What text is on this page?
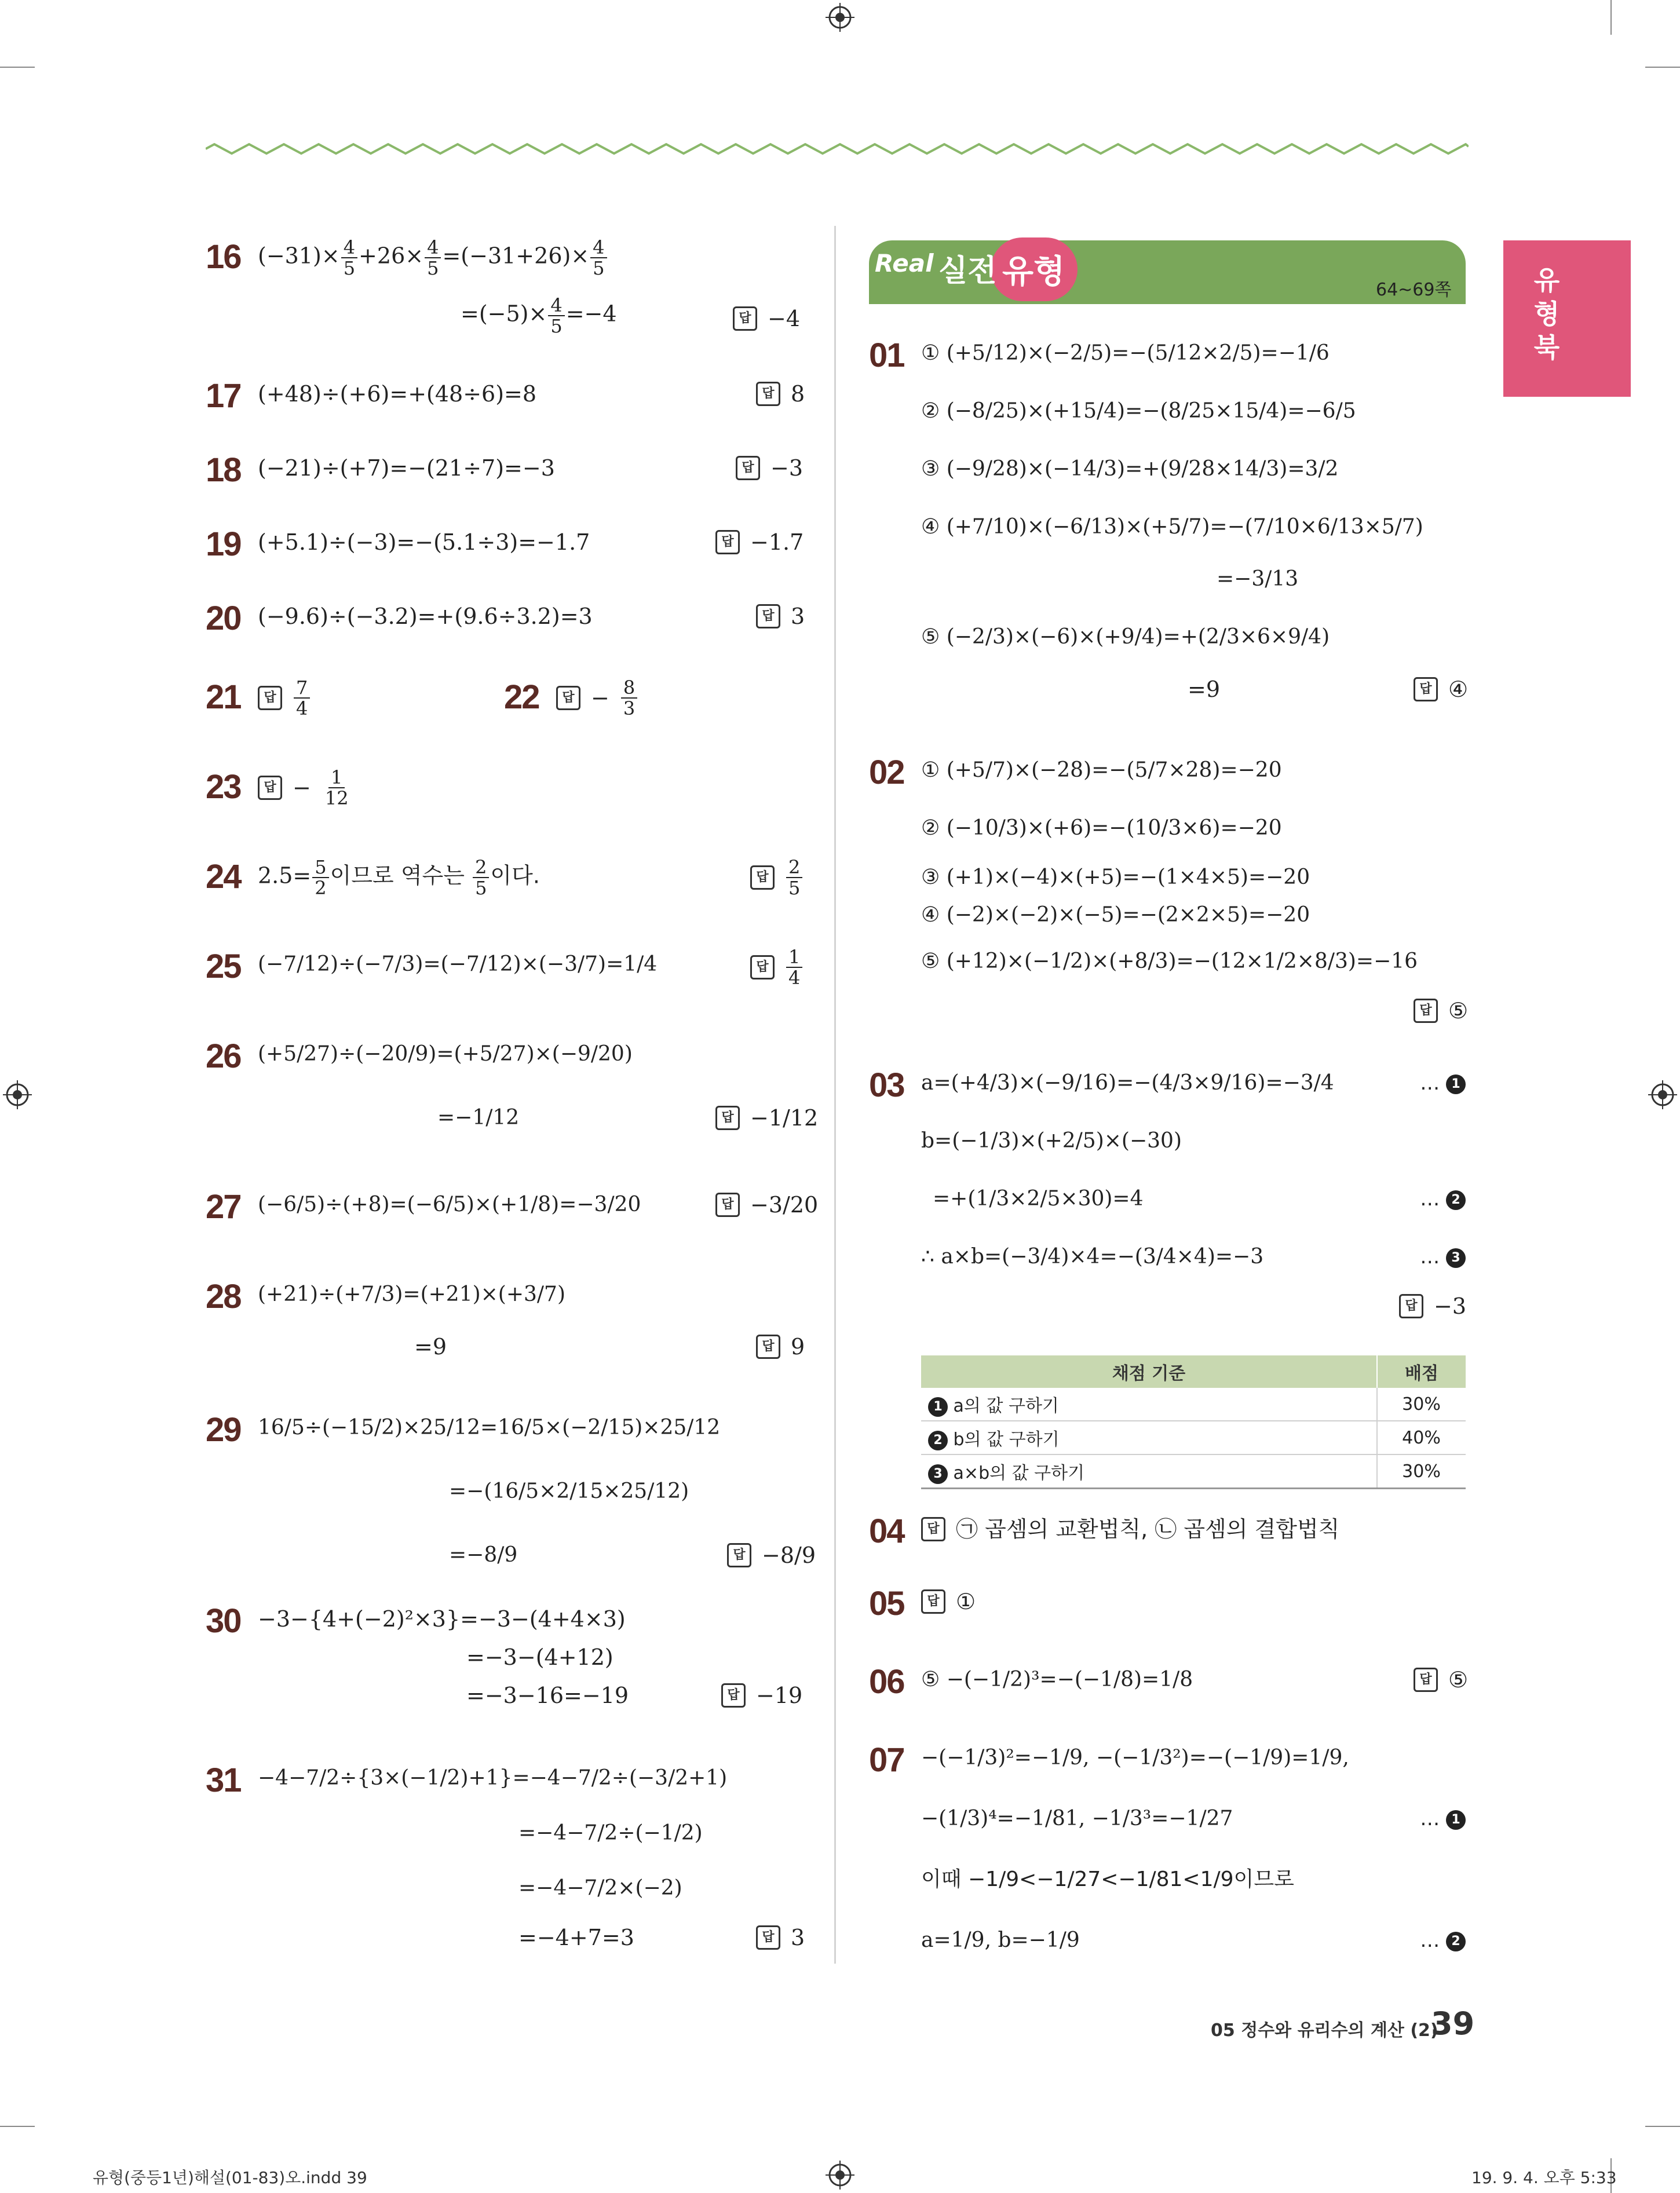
유형북
Real 실전 유형	64~69쪽
16 $(-31)\times \frac{4}{5} +26\times \frac{4}{5} =(-31+26)\times \frac{4}{5}$
$=(-5)\times \frac{4}{5} =-4$	답 −4
17 (+48)÷(+6)=+(48÷6)=8	답 8
18 (−21)÷(+7)=−(21÷7)=−3	답 −3
19 (+5.1)÷(−3)=−(5.1÷3)=−1.7	답 −1.7
20 (−9.6)÷(−3.2)=+(9.6÷3.2)=3	답 3
21	답 $\frac{7}{4}$	22	답 − $\frac{8}{3}$
23	답 − $\frac{1}{12}$
24 $2.5= \frac{5}{2}$ 이므로 역수는 $\frac{2}{5}$ 이다.	답 $\frac{2}{5}$
25 (−7/12)÷(−7/3)=(−7/12)×(−3/7)=1/4	답 $\frac{1}{4}$
26 (+5/27)÷(−20/9)=(+5/27)×(−9/20)
=−1/12	답 −1/12
27 (−6/5)÷(+8)=(−6/5)×(+1/8)=−3/20	답 −3/20
28 (+21)÷(+7/3)=(+21)×(+3/7)
=9	답 9
29 16/5÷(−15/2)×25/12=16/5×(−2/15)×25/12
=−(16/5×2/15×25/12)
=−8/9	답 −8/9
30 −3−{4+(−2)²×3}=−3−(4+4×3)
=−3−(4+12)
=−3−16=−19	답 −19
31 −4−7/2÷{3×(−1/2)+1}=−4−7/2÷(−3/2+1)
=−4−7/2÷(−1/2)
=−4−7/2×(−2)
=−4+7=3	답 3
01 ① (+5/12)×(−2/5)=−(5/12×2/5)=−1/6
② (−8/25)×(+15/4)=−(8/25×15/4)=−6/5
③ (−9/28)×(−14/3)=+(9/28×14/3)=3/2
④ (+7/10)×(−6/13)×(+5/7)=−(7/10×6/13×5/7)
=−3/13
⑤ (−2/3)×(−6)×(+9/4)=+(2/3×6×9/4)
=9	답 ④
02 ① (+5/7)×(−28)=−(5/7×28)=−20
② (−10/3)×(+6)=−(10/3×6)=−20
③ (+1)×(−4)×(+5)=−(1×4×5)=−20
④ (−2)×(−2)×(−5)=−(2×2×5)=−20
⑤ (+12)×(−1/2)×(+8/3)=−(12×1/2×8/3)=−16
답 ⑤
03 a=(+4/3)×(−9/16)=−(4/3×9/16)=−3/4	… 1
b=(−1/3)×(+2/5)×(−30)
=+(1/3×2/5×30)=4	… 2
∴ a×b=(−3/4)×4=−(3/4×4)=−3	… 3
답 −3
04	답 ㉠ 곱셈의 교환법칙, ㉡ 곱셈의 결합법칙
05	답 ①
06 ⑤ −(−1/2)³=−(−1/8)=1/8	답 ⑤
07 −(−1/3)²=−1/9, −(−1/3²)=−(−1/9)=1/9,
−(1/3)⁴=−1/81, −1/3³=−1/27	… 1
이때 −1/9<−1/27<−1/81<1/9이므로
a=1/9, b=−1/9	… 2
채점 기준	배점
1 a의 값 구하기	30%
2 b의 값 구하기	40%
3 a×b의 값 구하기	30%
05 정수와 유리수의 계산 (2)
39
유형(중등1년)해설(01-83)오.indd 39	19. 9. 4. 오후 5:33
